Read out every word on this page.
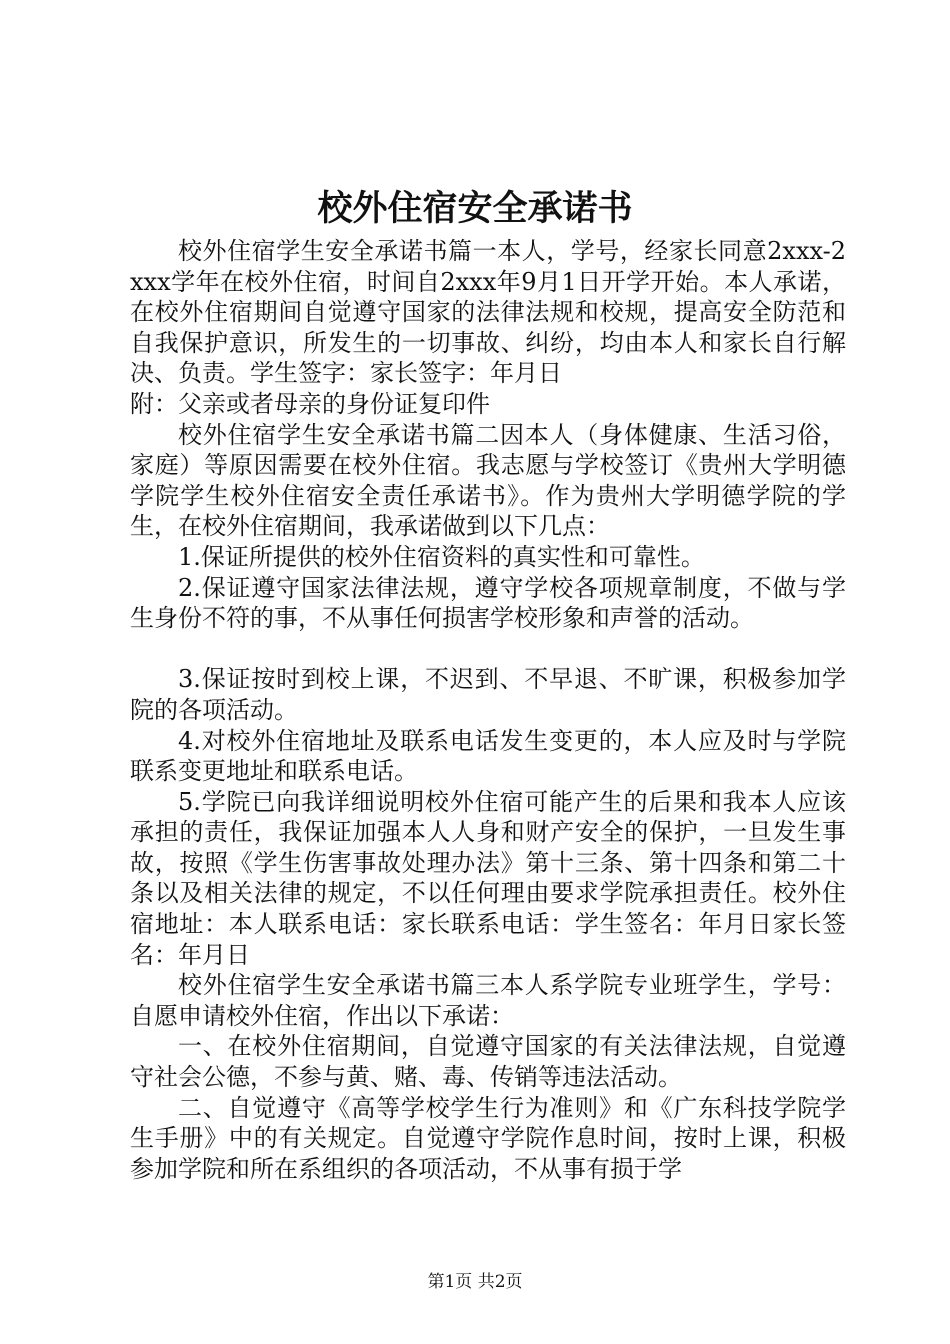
校外住宿安全承诺书

校外住宿学生安全承诺书篇一本人，学号，经家长同意2xxx-2xxx学年在校外住宿，时间自2xxx年9月1日开学开始。本人承诺，在校外住宿期间自觉遵守国家的法律法规和校规，提高安全防范和自我保护意识，所发生的一切事故、纠纷，均由本人和家长自行解决、负责。学生签字：家长签字：年月日

附：父亲或者母亲的身份证复印件

校外住宿学生安全承诺书篇二因本人（身体健康、生活习俗，家庭）等原因需要在校外住宿。我志愿与学校签订《贵州大学明德学院学生校外住宿安全责任承诺书》。作为贵州大学明德学院的学生，在校外住宿期间，我承诺做到以下几点：

1.保证所提供的校外住宿资料的真实性和可靠性。

2.保证遵守国家法律法规，遵守学校各项规章制度，不做与学生身份不符的事，不从事任何损害学校形象和声誉的活动。

3.保证按时到校上课，不迟到、不早退、不旷课，积极参加学院的各项活动。

4.对校外住宿地址及联系电话发生变更的，本人应及时与学院联系变更地址和联系电话。

5.学院已向我详细说明校外住宿可能产生的后果和我本人应该承担的责任，我保证加强本人人身和财产安全的保护，一旦发生事故，按照《学生伤害事故处理办法》第十三条、第十四条和第二十条以及相关法律的规定，不以任何理由要求学院承担责任。校外住宿地址：本人联系电话：家长联系电话：学生签名：年月日家长签名：年月日

校外住宿学生安全承诺书篇三本人系学院专业班学生，学号：自愿申请校外住宿，作出以下承诺：

一、在校外住宿期间，自觉遵守国家的有关法律法规，自觉遵守社会公德，不参与黄、赌、毒、传销等违法活动。

二、自觉遵守《高等学校学生行为准则》和《广东科技学院学生手册》中的有关规定。自觉遵守学院作息时间，按时上课，积极参加学院和所在系组织的各项活动，不从事有损于学

第1页 共2页
